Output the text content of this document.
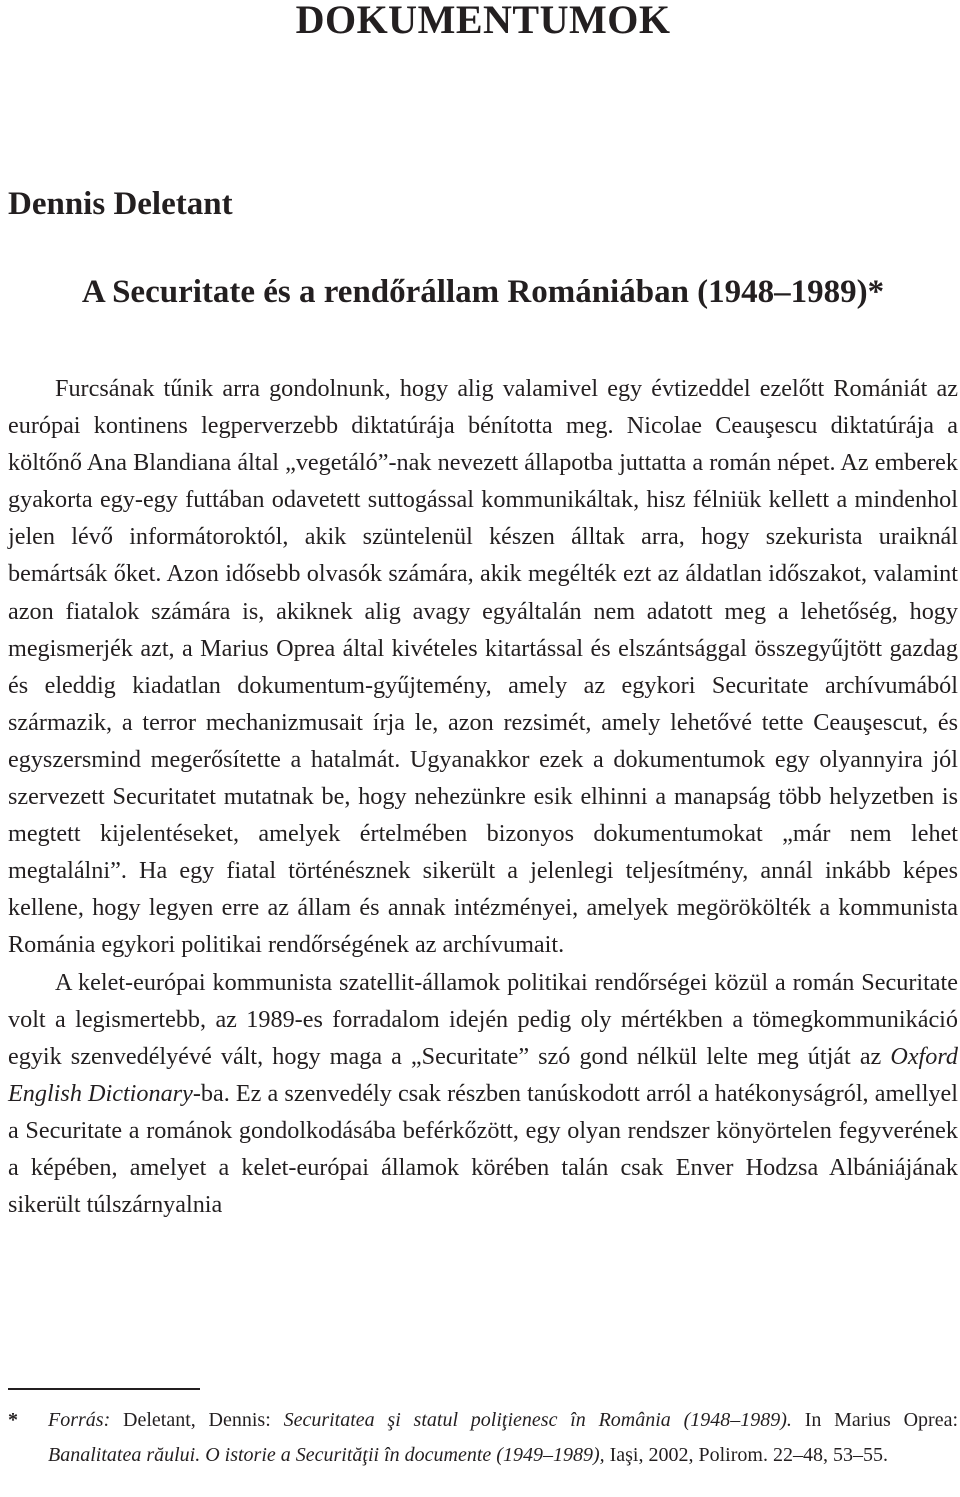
DOKUMENTUMOK
Dennis Deletant
A Securitate és a rendőrállam Romániában (1948–1989)*

Furcsának tűnik arra gondolnunk, hogy alig valamivel egy évtizeddel ezelőtt Romániát az európai kontinens legperverzebb diktatúrája bénította meg. Nicolae Ceauşescu diktatúrája a költőnő Ana Blandiana által „vegetáló”-nak nevezett állapotba juttatta a román népet. Az emberek gyakorta egy-egy futtában odavetett suttogással kommunikáltak, hisz félniük kellett a mindenhol jelen lévő informátoroktól, akik szüntelenül készen álltak arra, hogy szekurista uraiknál bemártsák őket. Azon idősebb olvasók számára, akik megélték ezt az áldatlan időszakot, valamint azon fiatalok számára is, akiknek alig avagy egyáltalán nem adatott meg a lehetőség, hogy megismerjék azt, a Marius Oprea által kivételes kitartással és elszántsággal összegyűjtött gazdag és eleddig kiadatlan dokumentum-gyűjtemény, amely az egykori Securitate archívumából származik, a terror mechanizmusait írja le, azon rezsimét, amely lehetővé tette Ceauşescut, és egyszersmind megerősítette a hatalmát. Ugyanakkor ezek a dokumentumok egy olyannyira jól szervezett Securitatet mutatnak be, hogy nehezünkre esik elhinni a manapság több helyzetben is megtett kijelentéseket, amelyek értelmében bizonyos dokumentumokat „már nem lehet megtalálni”. Ha egy fiatal történésznek sikerült a jelenlegi teljesítmény, annál inkább képes kellene, hogy legyen erre az állam és annak intézményei, amelyek megörökölték a kommunista Románia egykori politikai rendőrségének az archívumait.

A kelet-európai kommunista szatellit-államok politikai rendőrségei közül a román Securitate volt a legismertebb, az 1989-es forradalom idején pedig oly mértékben a tömegkommunikáció egyik szenvedélyévé vált, hogy maga a „Securitate” szó gond nélkül lelte meg útját az Oxford English Dictionary-ba. Ez a szenvedély csak részben tanúskodott arról a hatékonyságról, amellyel a Securitate a románok gondolkodásába beférkőzött, egy olyan rendszer könyörtelen fegyverének a képében, amelyet a kelet-európai államok körében talán csak Enver Hodzsa Albániájának sikerült túlszárnyalnia

* Forrás: Deletant, Dennis: Securitatea şi statul poliţienesc în România (1948–1989). In Marius Oprea: Banalitatea răului. O istorie a Securităţii în documente (1949–1989), Iaşi, 2002, Polirom. 22–48, 53–55.
